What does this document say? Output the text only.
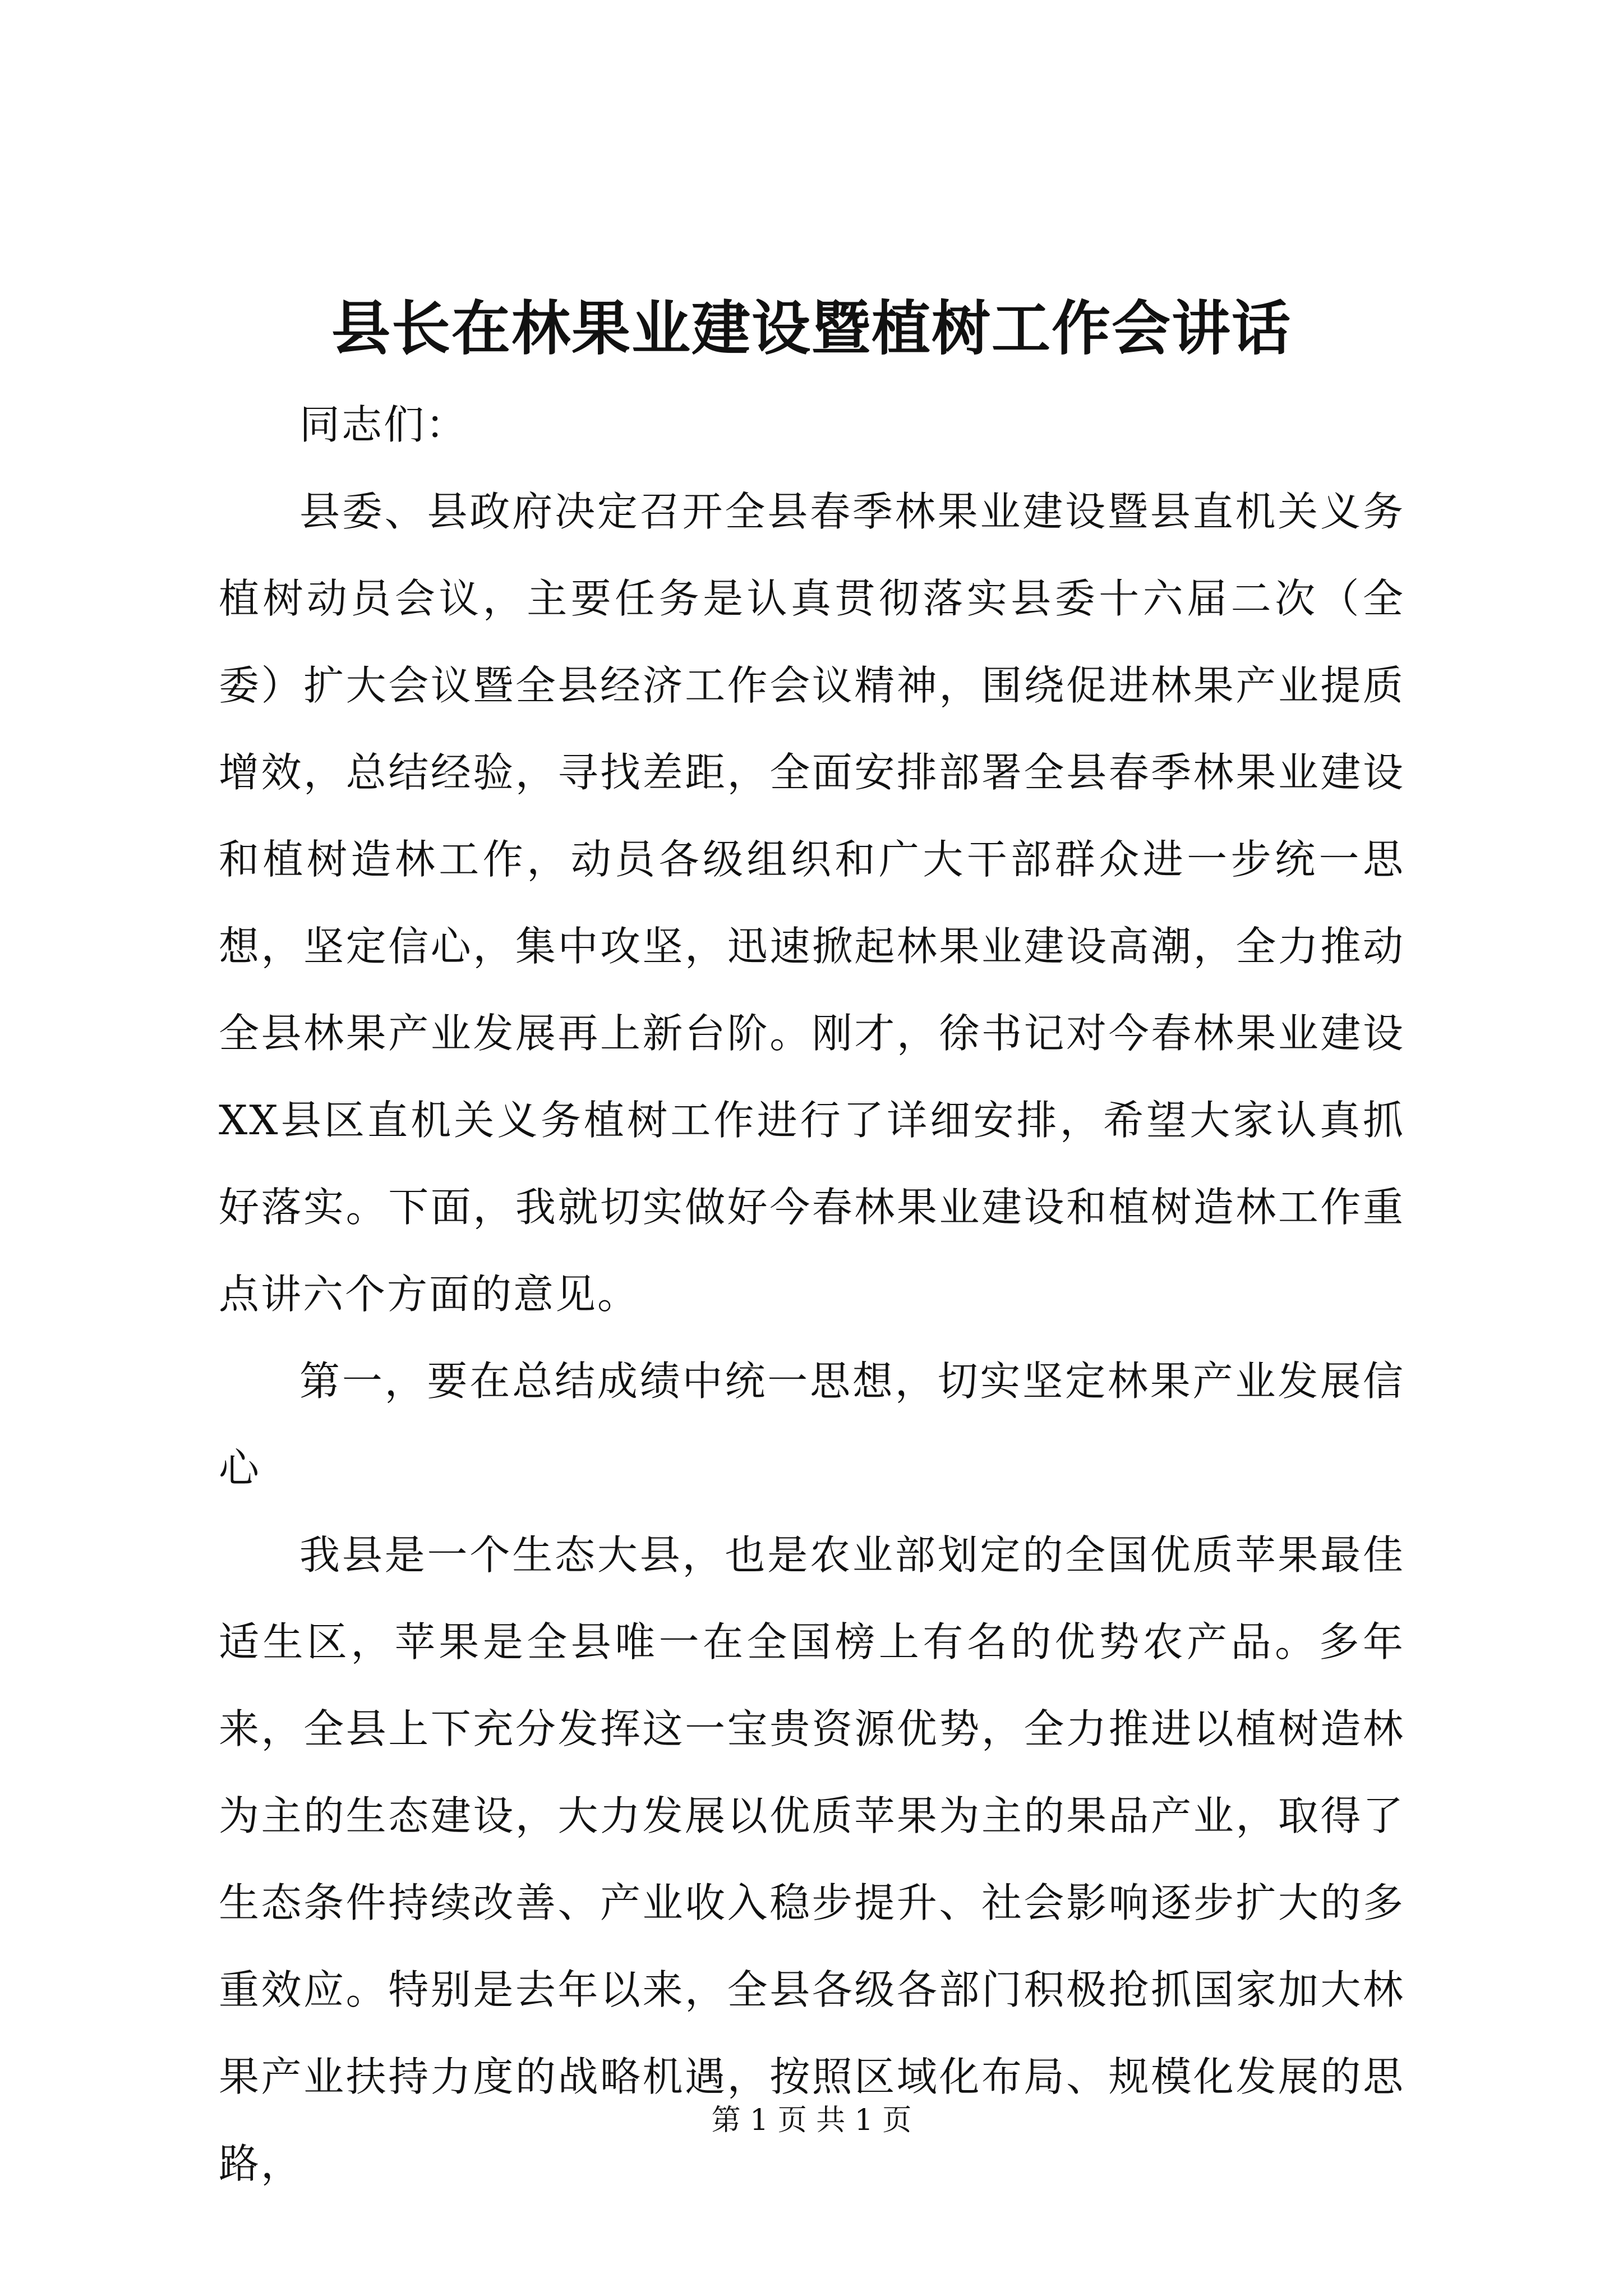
县长在林果业建设暨植树工作会讲话

同志们：

县委、县政府决定召开全县春季林果业建设暨县直机关义务植树动员会议，主要任务是认真贯彻落实县委十六届二次（全委）扩大会议暨全县经济工作会议精神，围绕促进林果产业提质增效，总结经验，寻找差距，全面安排部署全县春季林果业建设和植树造林工作，动员各级组织和广大干部群众进一步统一思想，坚定信心，集中攻坚，迅速掀起林果业建设高潮，全力推动全县林果产业发展再上新台阶。刚才，徐书记对今春林果业建设XX县区直机关义务植树工作进行了详细安排，希望大家认真抓好落实。下面，我就切实做好今春林果业建设和植树造林工作重点讲六个方面的意见。

第一，要在总结成绩中统一思想，切实坚定林果产业发展信心

我县是一个生态大县，也是农业部划定的全国优质苹果最佳适生区，苹果是全县唯一在全国榜上有名的优势农产品。多年来，全县上下充分发挥这一宝贵资源优势，全力推进以植树造林为主的生态建设，大力发展以优质苹果为主的果品产业，取得了生态条件持续改善、产业收入稳步提升、社会影响逐步扩大的多重效应。特别是去年以来，全县各级各部门积极抢抓国家加大林果产业扶持力度的战略机遇，按照区域化布局、规模化发展的思路，

第 1 页 共 1 页
